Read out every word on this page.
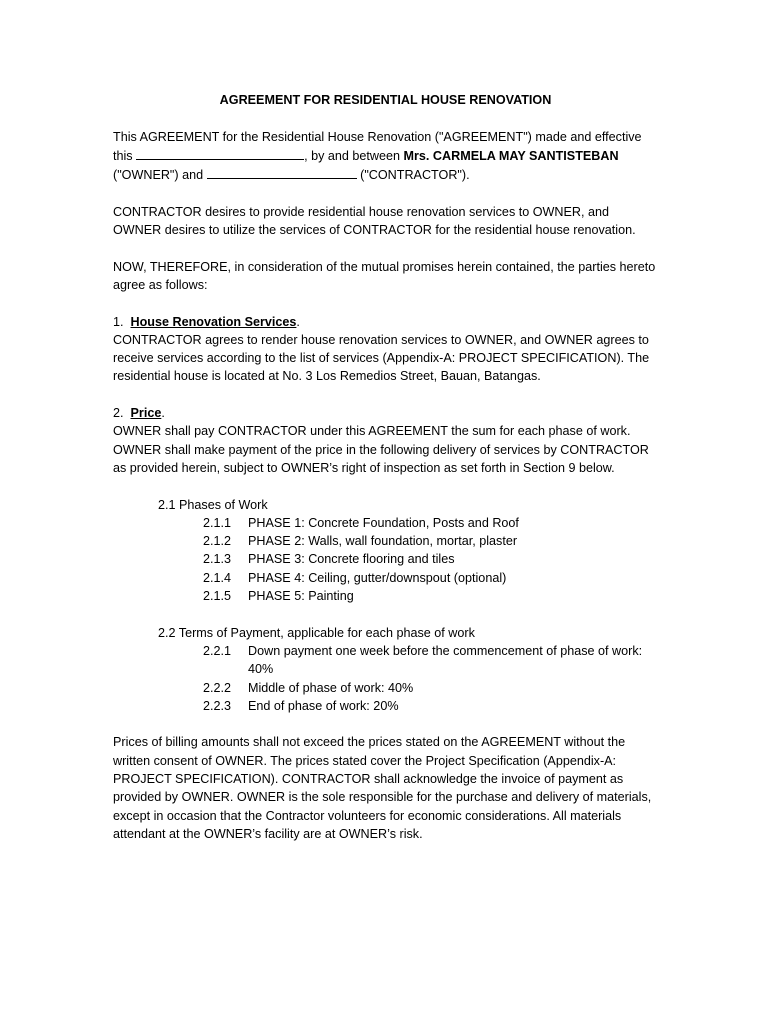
AGREEMENT FOR RESIDENTIAL HOUSE RENOVATION

This AGREEMENT for the Residential House Renovation ("AGREEMENT") made and effective this	, by and between Mrs. CARMELA MAY SANTISTEBAN ("OWNER") and	("CONTRACTOR").

CONTRACTOR desires to provide residential house renovation services to OWNER, and OWNER desires to utilize the services of CONTRACTOR for the residential house renovation.

NOW, THEREFORE, in consideration of the mutual promises herein contained, the parties hereto agree as follows:

1. House Renovation Services.

CONTRACTOR agrees to render house renovation services to OWNER, and OWNER agrees to receive services according to the list of services (Appendix-A: PROJECT SPECIFICATION). The residential house is located at No. 3 Los Remedios Street, Bauan, Batangas.

2. Price.

OWNER shall pay CONTRACTOR under this AGREEMENT the sum for each phase of work. OWNER shall make payment of the price in the following delivery of services by CONTRACTOR as provided herein, subject to OWNER’s right of inspection as set forth in Section 9 below.

2.1 Phases of Work
2.1.1	PHASE 1: Concrete Foundation, Posts and Roof
2.1.2	PHASE 2: Walls, wall foundation, mortar, plaster
2.1.3	PHASE 3: Concrete flooring and tiles
2.1.4	PHASE 4: Ceiling, gutter/downspout (optional)
2.1.5	PHASE 5: Painting
2.2 Terms of Payment, applicable for each phase of work
2.2.1	Down payment one week before the commencement of phase of work: 40%
2.2.2	Middle of phase of work: 40%
2.2.3	End of phase of work: 20%

Prices of billing amounts shall not exceed the prices stated on the AGREEMENT without the written consent of OWNER. The prices stated cover the Project Specification (Appendix-A: PROJECT SPECIFICATION). CONTRACTOR shall acknowledge the invoice of payment as provided by OWNER. OWNER is the sole responsible for the purchase and delivery of materials, except in occasion that the Contractor volunteers for economic considerations. All materials attendant at the OWNER’s facility are at OWNER’s risk.
